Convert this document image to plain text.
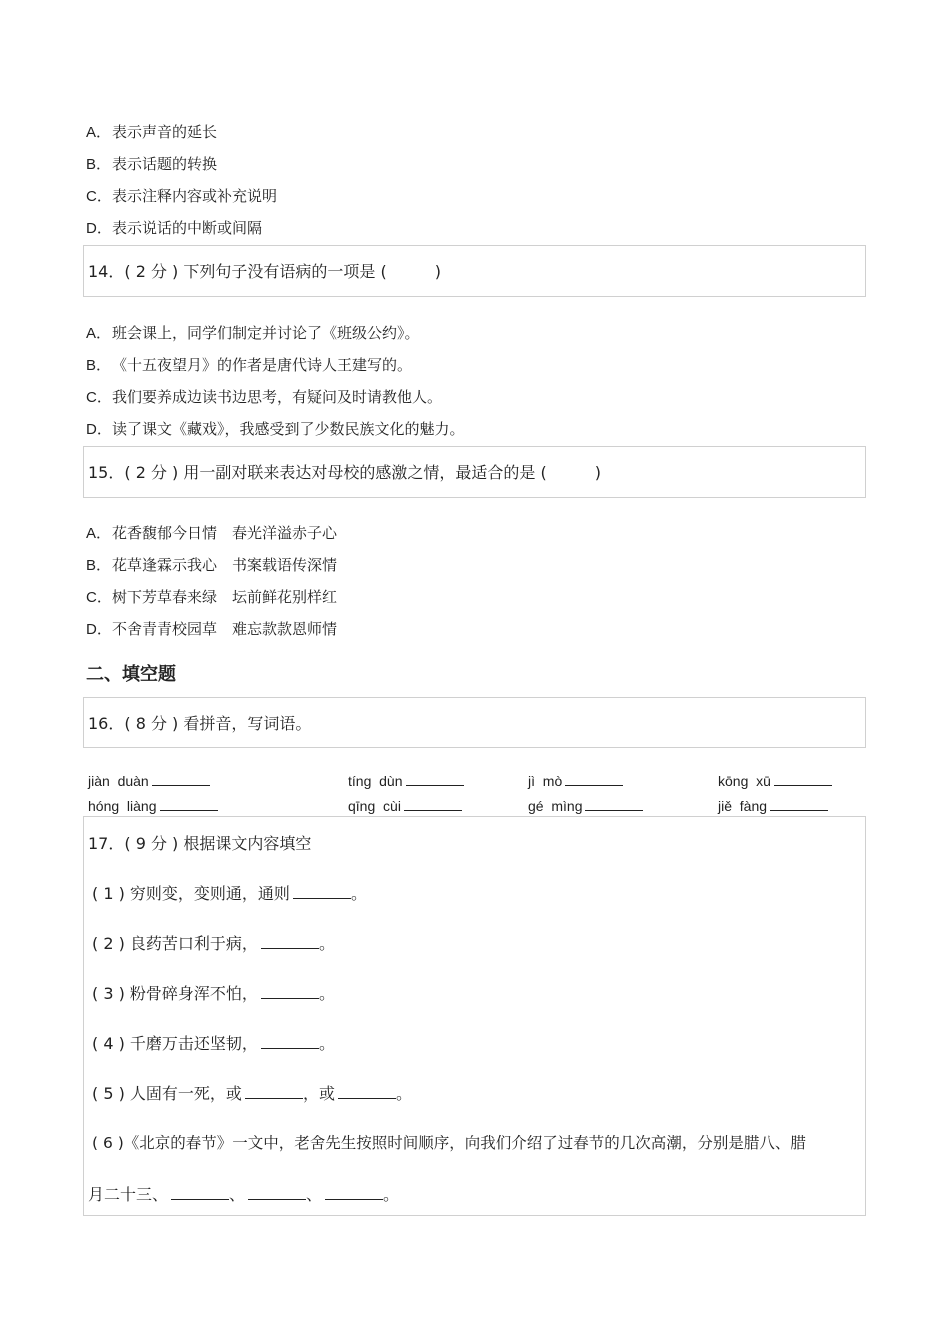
A．表示声音的延长
B．表示话题的转换
C．表示注释内容或补充说明
D．表示说话的中断或间隔
14．( 2 分 ) 下列句子没有语病的一项是 (　　　)
A．班会课上，同学们制定并讨论了《班级公约》。
B．《十五夜望月》的作者是唐代诗人王建写的。
C．我们要养成边读书边思考，有疑问及时请教他人。
D．读了课文《藏戏》，我感受到了少数民族文化的魅力。
15．( 2 分 ) 用一副对联来表达对母校的感激之情，最适合的是 (　　　)
A．花香馥郁今日情　春光洋溢赤子心
B．花草逢霖示我心　书案载语传深情
C．树下芳草春来绿　坛前鲜花别样红
D．不舍青青校园草　难忘款款恩师情
二、填空题
16．( 8 分 ) 看拼音，写词语。
jiàn  duàn	tíng  dùn	jì  mò	kōng  xū
hóng  liàng	qīng  cùi	gé  mìng	jiě  fàng
17．( 9 分 ) 根据课文内容填空
( 1 ) 穷则变，变则通，通则	。
( 2 ) 良药苦口利于病，	。
( 3 ) 粉骨碎身浑不怕，	。
( 4 ) 千磨万击还坚韧，	。
( 5 ) 人固有一死，或	，或	。
( 6 )《北京的春节》一文中，老舍先生按照时间顺序，向我们介绍了过春节的几次高潮，分别是腊八、腊
月二十三、	、	、	。
